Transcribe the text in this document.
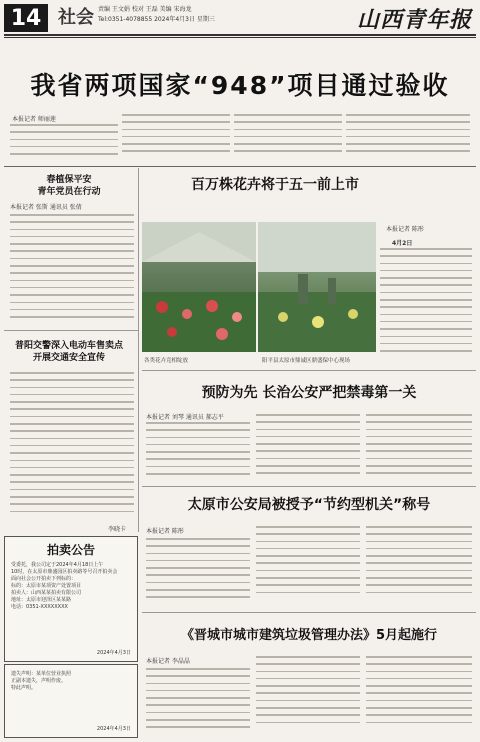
14 社会 责编 王文娟 校对 王磊 美编 宋海龙
Tel:0351-4078855 2024年4月3日 星期三	山西青年报
我省两项国家“948”项目通过验收
本报记者 师丽莲
春植保平安
青年党员在行动
本报记者 张斯 通讯员 张倩
普阳交警深入电动车售卖点
开展交通安全宣传
李晓卡
拍卖公告
受委托，我公司定于2024年4月18日上午
10时，在太原市鼎盛园区拍卖路等号召开拍卖会
面向社会公开拍卖下列标的：
标的：太原市某项资产处置项目
拍卖人：山西某某拍卖有限公司
地址：太原市迎泽区某某路
电话：0351-XXXXXXXX
2024年4月3日
遗失声明：某单位营业执照
正副本遗失，声明作废。
特此声明。
2024年4月3日
百万株花卉将于五一前上市
本报记者 陈彤
4月2日
各类花卉竞相绽放	阳平县太原市鼎诚区鼎盛保中心现场
预防为先 长治公安严把禁毒第一关
本报记者 刘琴 通讯员 郝志平
太原市公安局被授予“节约型机关”称号
本报记者 陈彤
《晋城市城市建筑垃圾管理办法》5月起施行
本报记者 李晶晶
